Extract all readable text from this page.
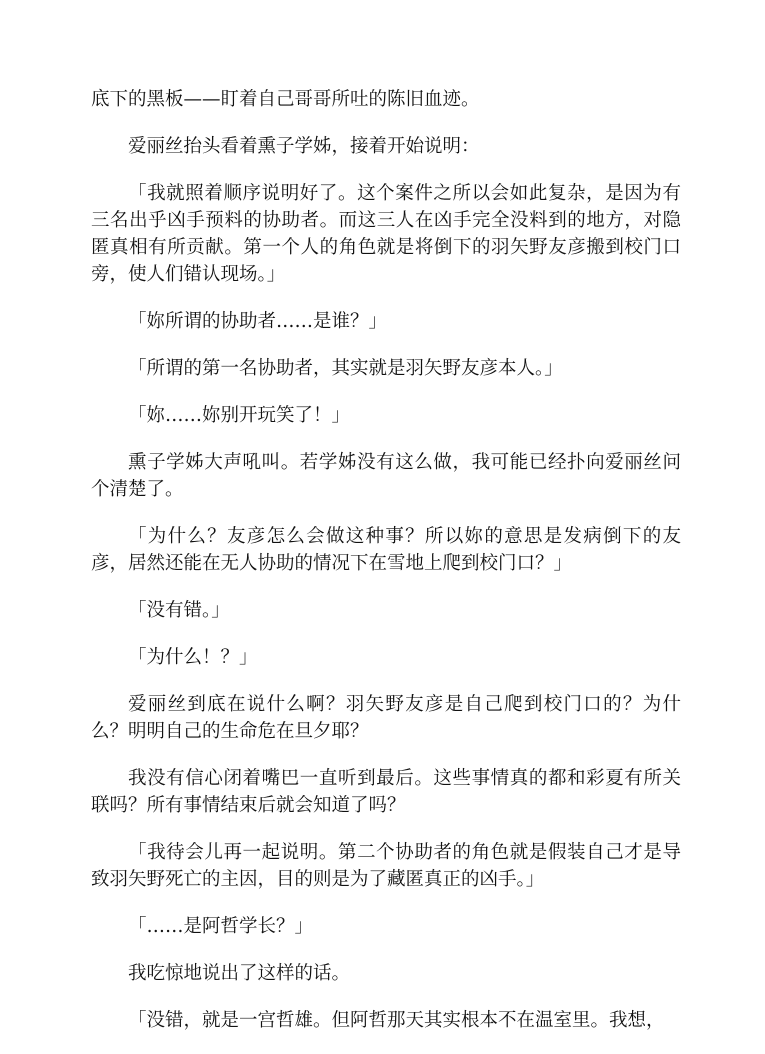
底下的黑板——盯着自己哥哥所吐的陈旧血迹。

爱丽丝抬头看着熏子学姊，接着开始说明：

「我就照着顺序说明好了。这个案件之所以会如此复杂，是因为有三名出乎凶手预料的协助者。而这三人在凶手完全没料到的地方，对隐匿真相有所贡献。第一个人的角色就是将倒下的羽矢野友彦搬到校门口旁，使人们错认现场。」

「妳所谓的协助者……是谁？」

「所谓的第一名协助者，其实就是羽矢野友彦本人。」

「妳……妳别开玩笑了！」

熏子学姊大声吼叫。若学姊没有这么做，我可能已经扑向爱丽丝问个清楚了。

「为什么？友彦怎么会做这种事？所以妳的意思是发病倒下的友彦，居然还能在无人协助的情况下在雪地上爬到校门口？」

「没有错。」

「为什么！？」

爱丽丝到底在说什么啊？羽矢野友彦是自己爬到校门口的？为什么？明明自己的生命危在旦夕耶？

我没有信心闭着嘴巴一直听到最后。这些事情真的都和彩夏有所关联吗？所有事情结束后就会知道了吗？

「我待会儿再一起说明。第二个协助者的角色就是假装自己才是导致羽矢野死亡的主因，目的则是为了藏匿真正的凶手。」

「……是阿哲学长？」

我吃惊地说出了这样的话。

「没错，就是一宫哲雄。但阿哲那天其实根本不在温室里。我想，
